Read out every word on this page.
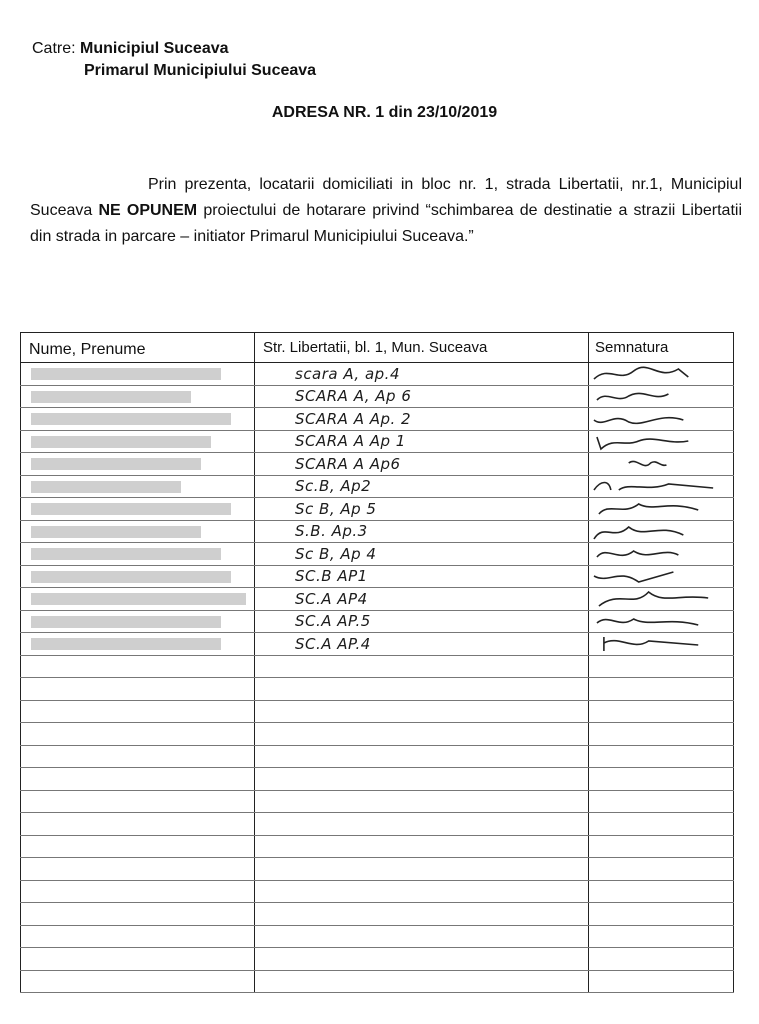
Catre: Municipiul Suceava
Primarul Municipiului Suceava
ADRESA NR. 1 din 23/10/2019
Prin prezenta, locatarii domiciliati in bloc nr. 1, strada Libertatii, nr.1, Municipiul Suceava NE OPUNEM proiectului de hotarare privind “schimbarea de destinatie a strazii Libertatii din strada in parcare – initiator Primarul Municipiului Suceava.”
Nume, Prenume	Str. Libertatii, bl. 1, Mun. Suceava	Semnatura
	scara A, ap.4	

	SCARA A, Ap 6	

	SCARA A Ap. 2	

	SCARA A Ap 1	

	SCARA A Ap6	

	Sc.B, Ap2	

	Sc B, Ap 5	

	S.B. Ap.3	

	Sc B, Ap 4	

	SC.B AP1	

	SC.A AP4	

	SC.A AP.5	

	SC.A AP.4	
